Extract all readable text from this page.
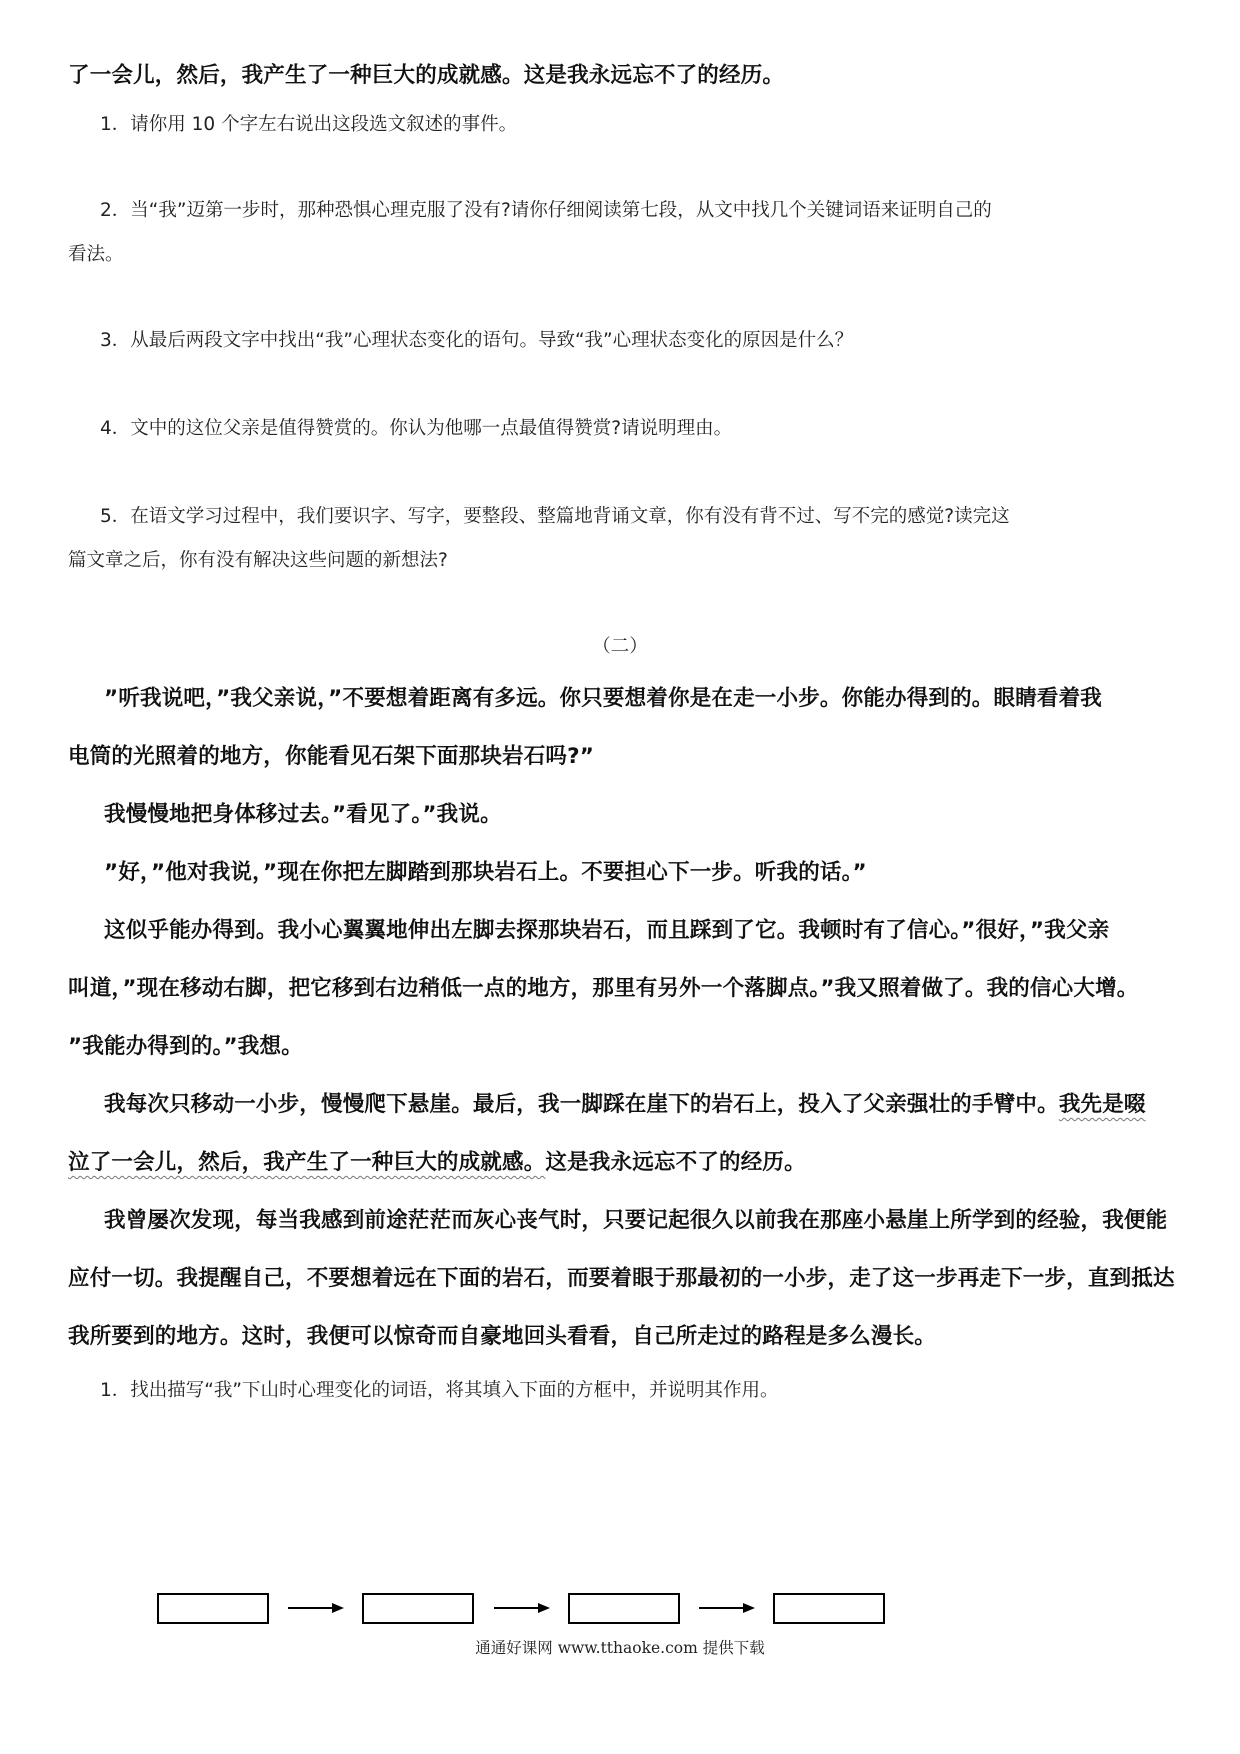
了一会儿，然后，我产生了一种巨大的成就感。这是我永远忘不了的经历。
1．请你用 10 个字左右说出这段选文叙述的事件。
2．当“我”迈第一步时，那种恐惧心理克服了没有?请你仔细阅读第七段，从文中找几个关键词语来证明自己的
看法。
3．从最后两段文字中找出“我”心理状态变化的语句。导致“我”心理状态变化的原因是什么？
4．文中的这位父亲是值得赞赏的。你认为他哪一点最值得赞赏?请说明理由。
5．在语文学习过程中，我们要识字、写字，要整段、整篇地背诵文章，你有没有背不过、写不完的感觉?读完这
篇文章之后，你有没有解决这些问题的新想法?
（二）
”听我说吧，”我父亲说，”不要想着距离有多远。你只要想着你是在走一小步。你能办得到的。眼睛看着我
电筒的光照着的地方，你能看见石架下面那块岩石吗?”
我慢慢地把身体移过去。”看见了。”我说。
”好，”他对我说，”现在你把左脚踏到那块岩石上。不要担心下一步。听我的话。”
这似乎能办得到。我小心翼翼地伸出左脚去探那块岩石，而且踩到了它。我顿时有了信心。”很好，”我父亲
叫道，”现在移动右脚，把它移到右边稍低一点的地方，那里有另外一个落脚点。”我又照着做了。我的信心大增。
”我能办得到的。”我想。
我每次只移动一小步，慢慢爬下悬崖。最后，我一脚踩在崖下的岩石上，投入了父亲强壮的手臂中。我先是啜
泣了一会儿，然后，我产生了一种巨大的成就感。这是我永远忘不了的经历。
我曾屡次发现，每当我感到前途茫茫而灰心丧气时，只要记起很久以前我在那座小悬崖上所学到的经验，我便能
应付一切。我提醒自己，不要想着远在下面的岩石，而要着眼于那最初的一小步，走了这一步再走下一步，直到抵达
我所要到的地方。这时，我便可以惊奇而自豪地回头看看，自己所走过的路程是多么漫长。
1．找出描写“我”下山时心理变化的词语，将其填入下面的方框中，并说明其作用。
通通好课网 www.tthaoke.com 提供下载
